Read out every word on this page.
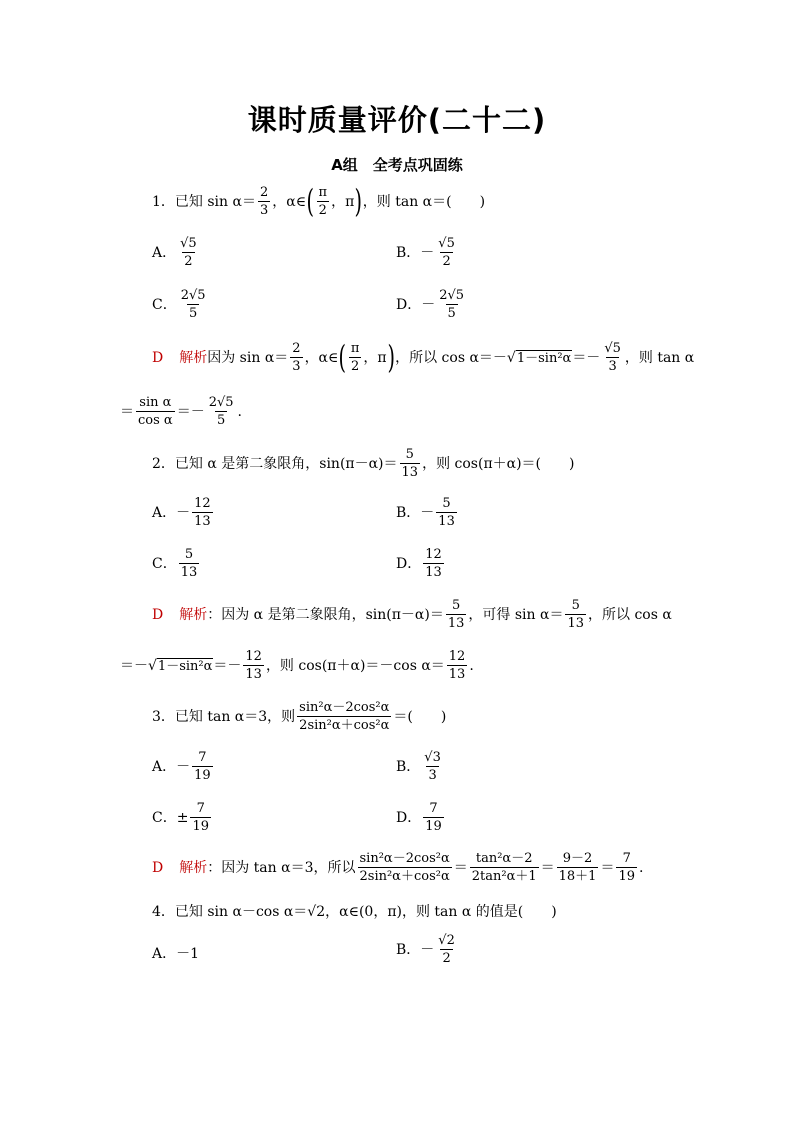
课时质量评价(二十二)
A组　全考点巩固练
1．已知 $\sin \alpha= \frac{2}{3}$ ，α∈ ( $\frac{\pi}{2}$ ， π ) ，则 tan α＝(　　)
A． $\frac{√5}{2}$	B． － $\frac{√5}{2}$
C． $\frac{2√5}{5}$	D． － $\frac{2√5}{5}$
D 解析 因为 $\sin \alpha= \frac{2}{3}$ ，α∈ ( $\frac{\pi}{2}$ ， π ) ，所以 cos α＝－ √ $1-\sin^2\alpha =- \frac{√5}{3}$ ，则 tan α
＝ $\frac{\text{sin α}}{\text{cos α}} =- \frac{2√5}{5}$ .
2．已知 α 是第二象限角，$\sin(\pi-\alpha)= \frac{5}{13}$ ，则 cos(π＋α)＝(　　)
A． － $\frac{12}{13}$	B． － $\frac{5}{13}$
C． $\frac{5}{13}$	D． $\frac{12}{13}$
D 解析 ：因为 α 是第二象限角，$\sin(\pi-\alpha)= \frac{5}{13}$ ，可得 $\sin \alpha= \frac{5}{13}$ ，所以 cos α
＝－ √ $1-\sin^2\alpha =- \frac{12}{13}$ ，则 cos(π＋α)＝－cos $\alpha= \frac{12}{13}$ .
3．已知 tan α＝3，则 $\frac{\text{sin²α－2cos²α}}{\text{2sin²α＋cos²α}}$ ＝(　　)
A． － $\frac{7}{19}$	B． $\frac{√3}{3}$
C． ± $\frac{7}{19}$	D． $\frac{7}{19}$
D 解析 ：因为 tan α＝3，所以 $\frac{\text{sin²α－2cos²α}}{\text{2sin²α＋cos²α}} = \frac{\text{tan²α－2}}{\text{2tan²α＋1}} = \frac{9-2}{18+1} = \frac{7}{19}$ .
4．已知 sin α－cos α＝√2，α∈(0，π)，则 tan α 的值是(　　)
A．－1	B． － $\frac{√2}{2}$
